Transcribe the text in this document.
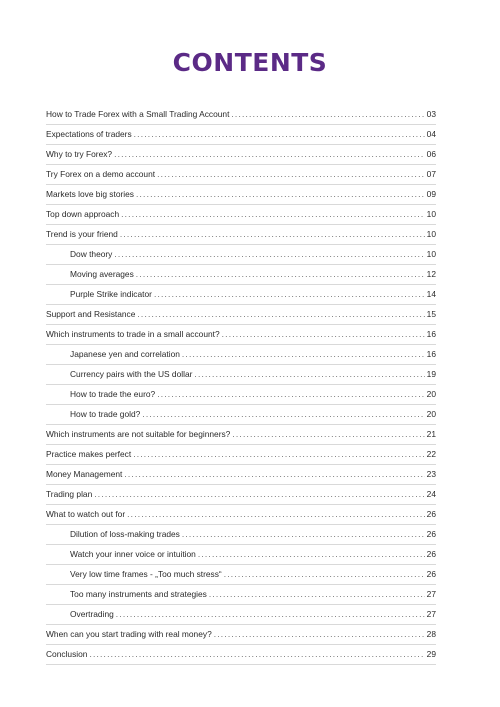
CONTENTS
How to Trade Forex with a Small Trading Account .....	03
Expectations of traders .....	04
Why to try Forex? .....	06
Try Forex on a demo account .....	07
Markets love big stories .....	09
Top down approach .....	10
Trend is your friend .....	10
Dow theory .....	10
Moving averages .....	12
Purple Strike indicator .....	14
Support and Resistance .....	15
Which instruments to trade in a small account? .....	16
Japanese yen and correlation .....	16
Currency pairs with the US dollar .....	19
How to trade the euro? .....	20
How to trade gold? .....	20
Which instruments are not suitable for beginners? .....	21
Practice makes perfect .....	22
Money Management .....	23
Trading plan .....	24
What to watch out for .....	26
Dilution of loss-making trades .....	26
Watch your inner voice or intuition .....	26
Very low time frames - „Too much stress“ .....	26
Too many instruments and strategies .....	27
Overtrading .....	27
When can you start trading with real money? .....	28
Conclusion .....	29
